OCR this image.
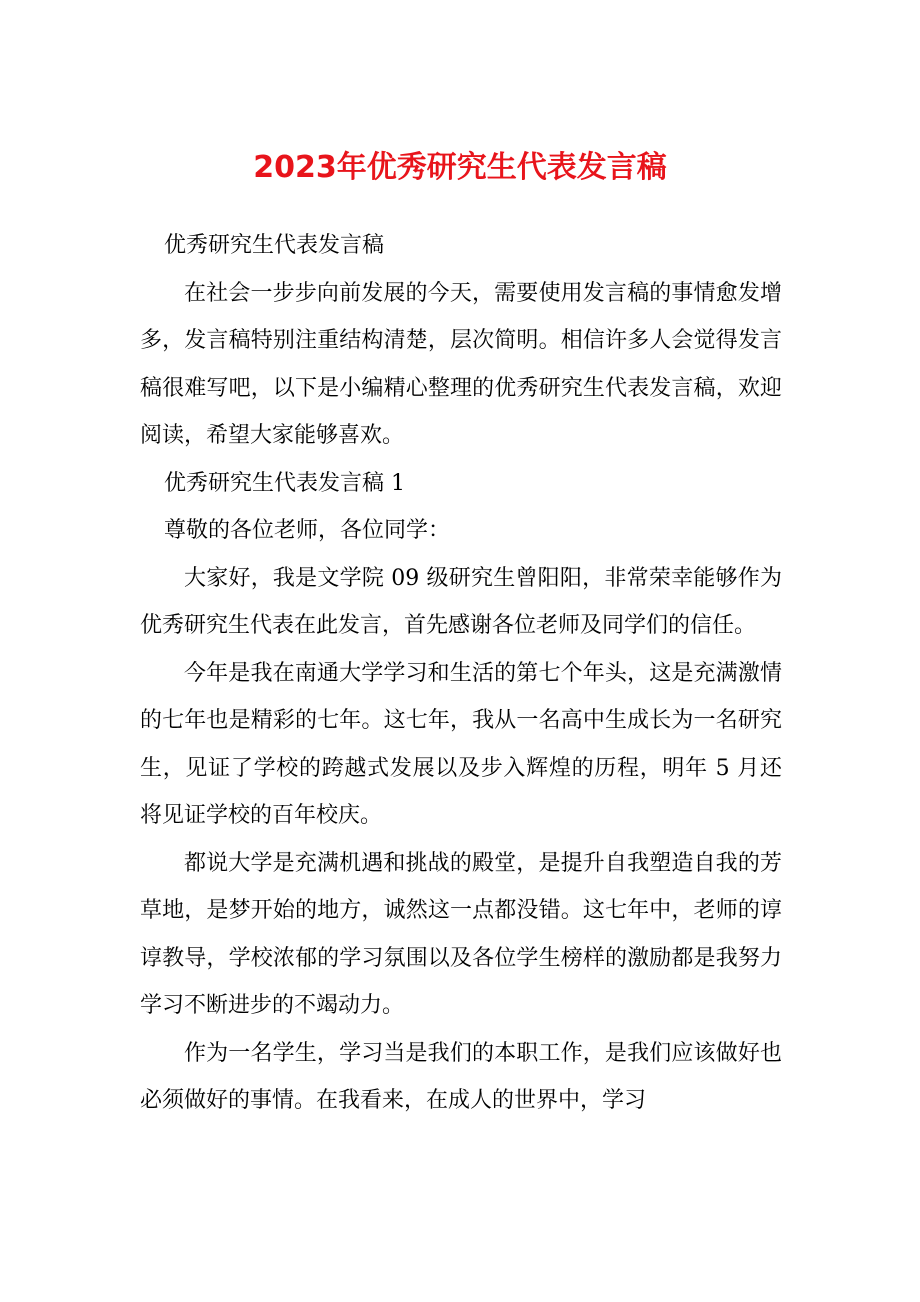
2023年优秀研究生代表发言稿

优秀研究生代表发言稿

在社会一步步向前发展的今天，需要使用发言稿的事情愈发增多，发言稿特别注重结构清楚，层次简明。相信许多人会觉得发言稿很难写吧，以下是小编精心整理的优秀研究生代表发言稿，欢迎阅读，希望大家能够喜欢。

优秀研究生代表发言稿 1

尊敬的各位老师，各位同学：

大家好，我是文学院 09 级研究生曾阳阳，非常荣幸能够作为优秀研究生代表在此发言，首先感谢各位老师及同学们的信任。

今年是我在南通大学学习和生活的第七个年头，这是充满激情的七年也是精彩的七年。这七年，我从一名高中生成长为一名研究生，见证了学校的跨越式发展以及步入辉煌的历程，明年 5 月还将见证学校的百年校庆。

都说大学是充满机遇和挑战的殿堂，是提升自我塑造自我的芳草地，是梦开始的地方，诚然这一点都没错。这七年中，老师的谆谆教导，学校浓郁的学习氛围以及各位学生榜样的激励都是我努力学习不断进步的不竭动力。

作为一名学生，学习当是我们的本职工作，是我们应该做好也必须做好的事情。在我看来，在成人的世界中，学习
